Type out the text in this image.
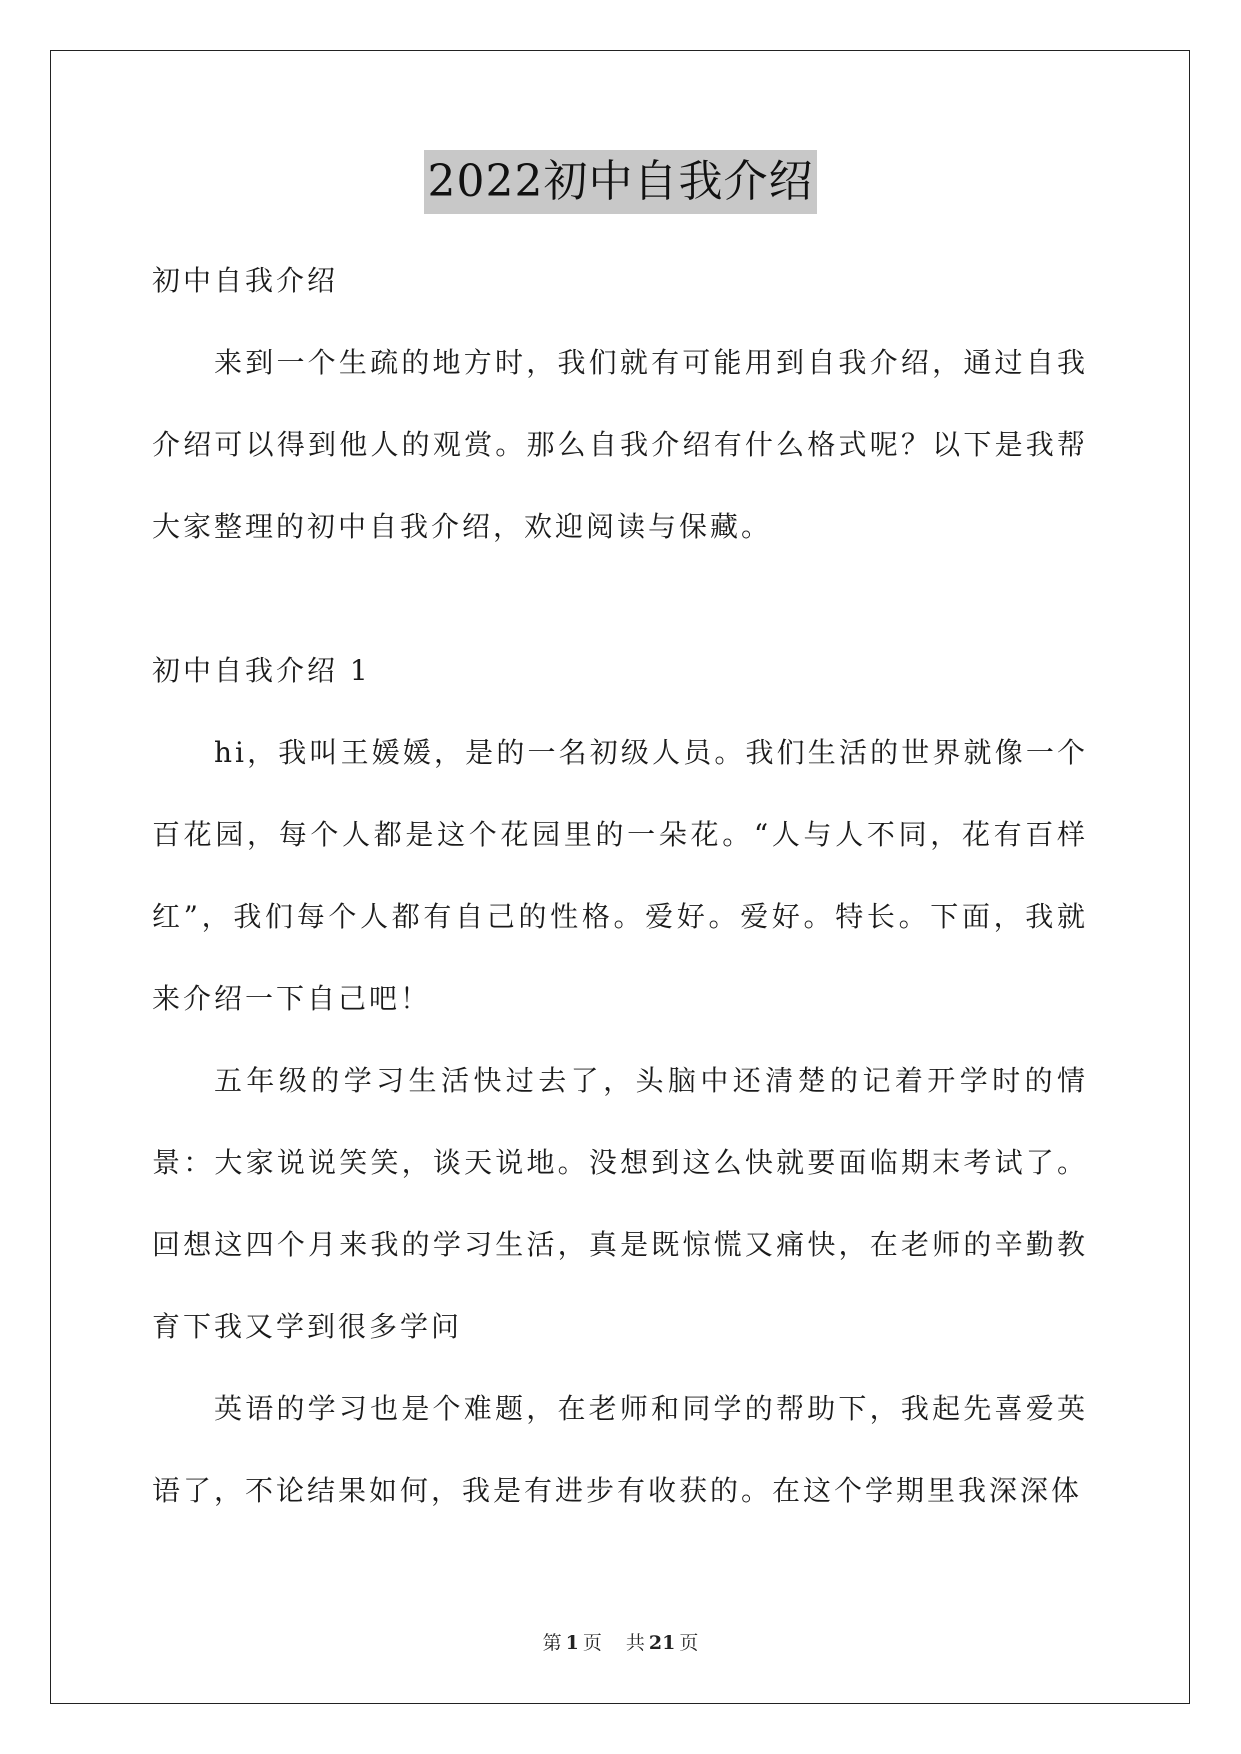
2022初中自我介绍

初中自我介绍

来到一个生疏的地方时，我们就有可能用到自我介绍，通过自我介绍可以得到他人的观赏。那么自我介绍有什么格式呢？以下是我帮大家整理的初中自我介绍，欢迎阅读与保藏。

初中自我介绍 1

hi，我叫王媛媛，是的一名初级人员。我们生活的世界就像一个百花园，每个人都是这个花园里的一朵花。“人与人不同，花有百样红”，我们每个人都有自己的性格。爱好。爱好。特长。下面，我就来介绍一下自己吧！

五年级的学习生活快过去了，头脑中还清楚的记着开学时的情景：大家说说笑笑，谈天说地。没想到这么快就要面临期末考试了。回想这四个月来我的学习生活，真是既惊慌又痛快，在老师的辛勤教育下我又学到很多学问

英语的学习也是个难题，在老师和同学的帮助下，我起先喜爱英语了，不论结果如何，我是有进步有收获的。在这个学期里我深深体

第 1 页 共 21 页
